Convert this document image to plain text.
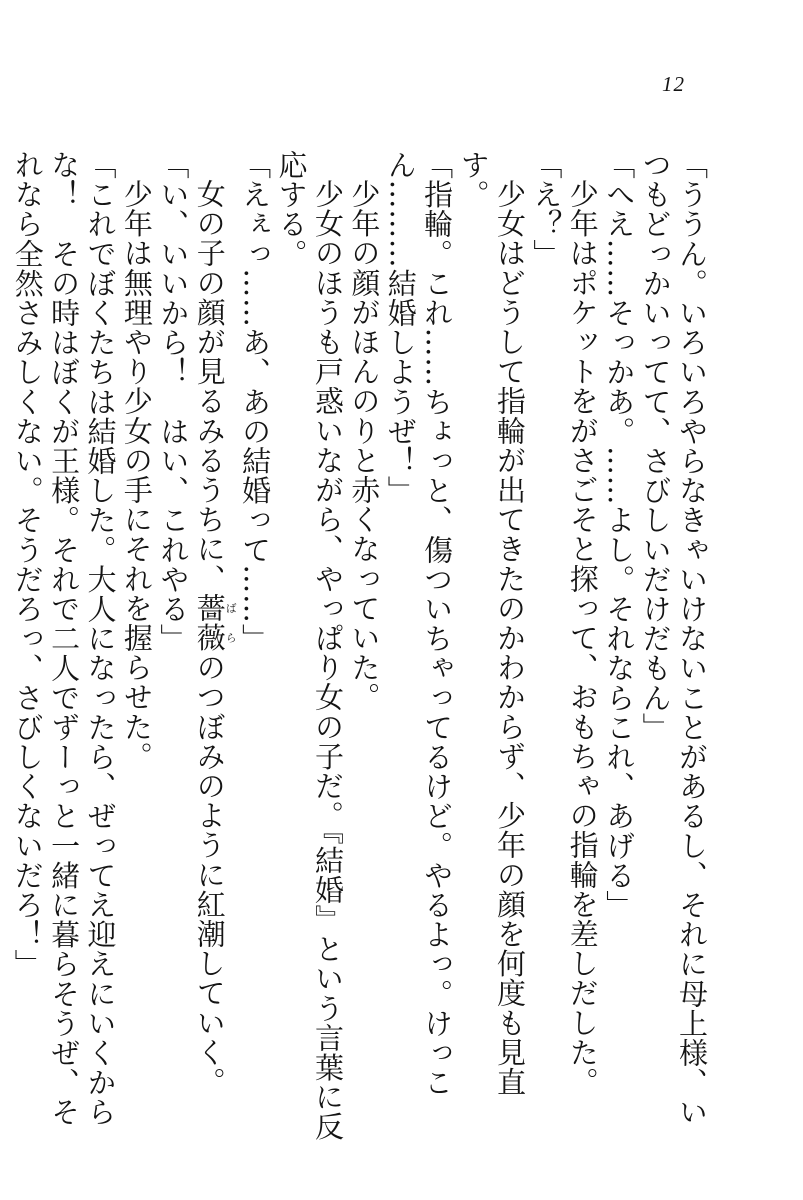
12

「ううん。いろいろやらなきゃいけないことがあるし、それに母上様、いつもどっかいってて、さびしいだけだもん」

「へえ……そっかあ。……よし。それならこれ、あげる」

少年はポケットをがさごそと探って、おもちゃの指輪を差しだした。

「え？」

少女はどうして指輪が出てきたのかわからず、少年の顔を何度も見直す。

「指輪。これ……ちょっと、傷ついちゃってるけど。やるよっ。けっこん………結婚しようぜ！」

少年の顔がほんのりと赤くなっていた。

少女のほうも戸惑いながら、やっぱり女の子だ。『結婚』という言葉に反応する。

「えぇっ……あ、あの結婚って……」

女の子の顔が見るみるうちに、薔薇ばらのつぼみのように紅潮していく。

「い、いいから！　はい、これやる」

少年は無理やり少女の手にそれを握らせた。

「これでぼくたちは結婚した。大人になったら、ぜってえ迎えにいくからな！　その時はぼくが王様。それで二人でずーっと一緒に暮らそうぜ、それなら全然さみしくない。そうだろっ、さびしくないだろ！」
